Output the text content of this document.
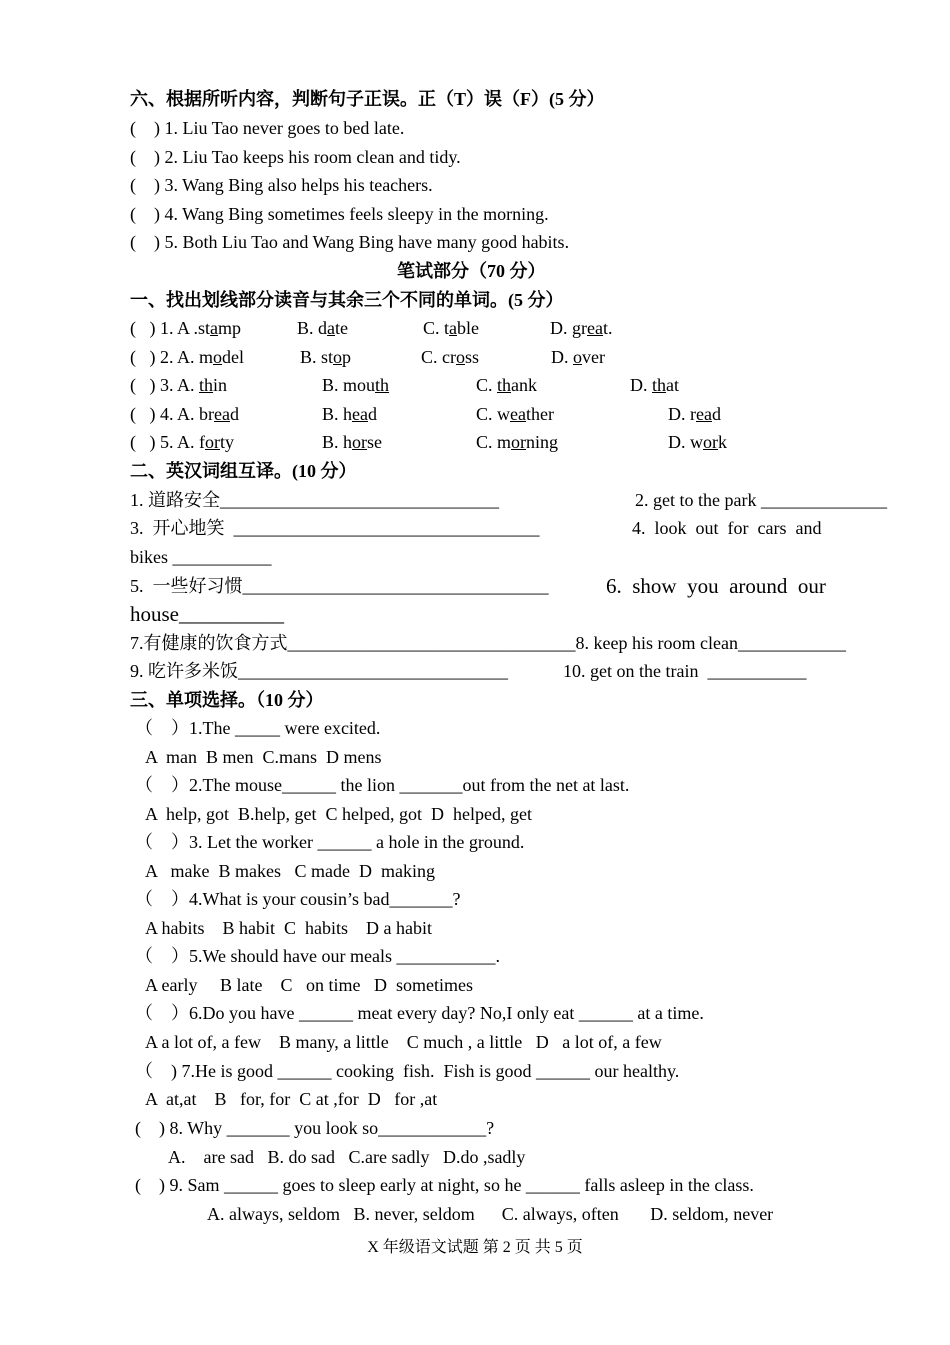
六、根据所听内容，判断句子正误。正（T）误（F）(5 分）
(    ) 1. Liu Tao never goes to bed late.
(    ) 2. Liu Tao keeps his room clean and tidy.
(    ) 3. Wang Bing also helps his teachers.
(    ) 4. Wang Bing sometimes feels sleepy in the morning.
(    ) 5. Both Liu Tao and Wang Bing have many good habits.
笔试部分（70 分）
一、找出划线部分读音与其余三个不同的单词。(5 分）
(   ) 1. A .stamp	B. date	C. table	D. great.
(   ) 2. A. model	B. stop	C. cross	D. over
(   ) 3. A. thin	B. mouth	C. thank	D. that
(   ) 4. A. bread	B. head	C. weather	D. read
(   ) 5. A. forty	B. horse	C. morning	D. work
二、英汉词组互译。(10 分）
1. 道路安全_______________________________	2. get to the park ______________
3.  开心地笑  __________________________________	4.  look  out  for  cars  and
bikes ___________
5.  一些好习惯__________________________________	6.  show  you  around  our
house__________
7.有健康的饮食方式________________________________8. keep his room clean____________
9. 吃许多米饭______________________________	10. get on the train  ___________
三、单项选择。（10 分）
（    ）1.The _____ were excited.
A  man  B men  C.mans  D mens
（    ）2.The mouse______ the lion _______out from the net at last.
A  help, got  B.help, get  C helped, got  D  helped, get
（    ）3. Let the worker ______ a hole in the ground.
A   make  B makes   C made  D  making
（    ）4.What is your cousin’s bad_______?
A habits    B habit  C  habits    D a habit
（    ）5.We should have our meals ___________.
A early     B late    C   on time   D  sometimes
（    ）6.Do you have ______ meat every day? No,I only eat ______ at a time.
A a lot of, a few    B many, a little    C much , a little   D   a lot of, a few
（    ) 7.He is good ______ cooking  fish.  Fish is good ______ our healthy.
A  at,at    B   for, for  C at ,for  D   for ,at
(    ) 8. Why _______ you look so____________?
A.    are sad   B. do sad   C.are sadly   D.do ,sadly
(    ) 9. Sam ______ goes to sleep early at night, so he ______ falls asleep in the class.
A. always, seldom   B. never, seldom      C. always, often       D. seldom, never
X 年级语文试题 第 2 页 共 5 页
